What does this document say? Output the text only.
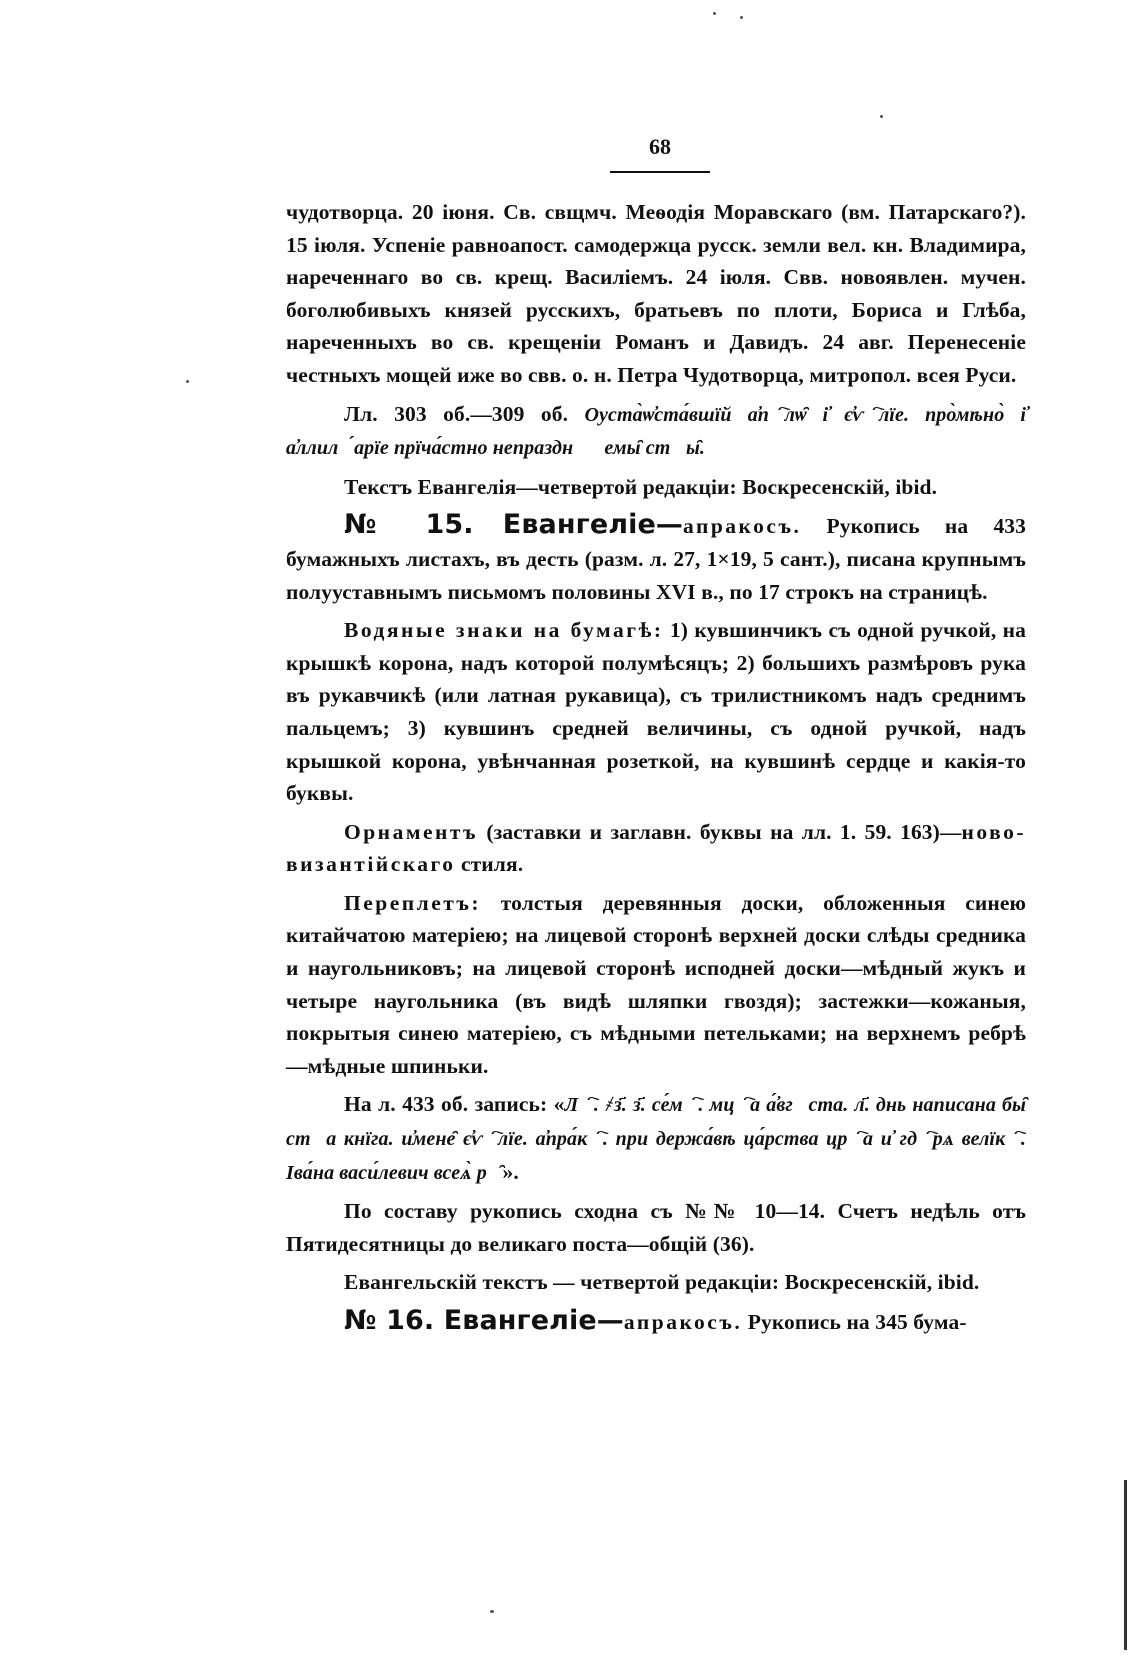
68

чудотворца. 20 іюня. Св. свщмч. Меѳодія Моравскаго (вм. Патарскаго?). 15 іюля. Успеніе равноапост. самодержца русск. земли вел. кн. Владимира, нареченнаго во св. крещ. Василіемъ. 24 іюля. Свв. новоявлен. мучен. боголюбивыхъ князей русскихъ, братьевъ по плоти, Бориса и Глѣба, нареченныхъ во св. крещеніи Романъ и Давидъ. 24 авг. Перенесеніе честныхъ мощей иже во свв. о. н. Петра Чудотворца, митропол. всея Руси.

Лл. 303 об.—309 об. Оуста̀ѡ҆ста́вшїй а҆пⷭ҇лѡ̑ і҆ є҆ѵⷢ҇лїе. про̀мѣно̀ і҆ а҆ллилꙋ́арїе прїча́стно непраздн꙯ꙋемы̑ ст꙯ы̑.

Текстъ Евангелія—четвертой редакціи: Воскресенскій, ibid.

№ 15. Евангеліе—апракосъ. Рукопись на 433 бумажныхъ листахъ, въ десть (разм. л. 27, 1×19, 5 сант.), писана крупнымъ полууставнымъ письмомъ половины XVI в., по 17 строкъ на страницѣ.

Водяные знаки на бумагѣ: 1) кувшинчикъ съ одной ручкой, на крышкѣ корона, надъ которой полумѣсяцъ; 2) большихъ размѣровъ рука въ рукавчикѣ (или латная рукавица), съ трилистникомъ надъ среднимъ пальцемъ; 3) кувшинъ средней величины, съ одной ручкой, надъ крышкой корона, увѣнчанная розеткой, на кувшинѣ сердце и какія-то буквы.

Орнаментъ (заставки и заглавн. буквы на лл. 1. 59. 163)—ново-византійскаго стиля.

Переплетъ: толстыя деревянныя доски, обложенныя синею китайчатою матеріею; на лицевой сторонѣ верхней доски слѣды средника и наугольниковъ; на лицевой сторонѣ исподней доски—мѣдный жукъ и четыре наугольника (въ видѣ шляпки гвоздя); застежки—кожаныя, покрытыя синею матеріею, съ мѣдными петельками; на верхнемъ ребрѣ—мѣдные шпиньки.

На л. 433 об. запись: «Лⷮ҇. ҂з҃. з҃. се́мⷭ҇. мцⷭ҇а а҆́вгꙋста. л҃. днь написана бы̑ ст꙯а кнїга. и҆мене̑ є҆ѵⷢ҇лїе. а҆пра́кⷪ҇. при держа́вѣ ца́рства црⷭ҇а и҆ гдⷭ҇рѧ велїкⷪ҇. Іва́на васи́левич всеѧ̀ рꙋ̑».

По составу рукопись сходна съ №№ 10—14. Счетъ недѣль отъ Пятидесятницы до великаго поста—общій (36).

Евангельскій текстъ — четвертой редакціи: Воскресенскій, ibid.

№ 16. Евангеліе—апракосъ. Рукопись на 345 бума-
